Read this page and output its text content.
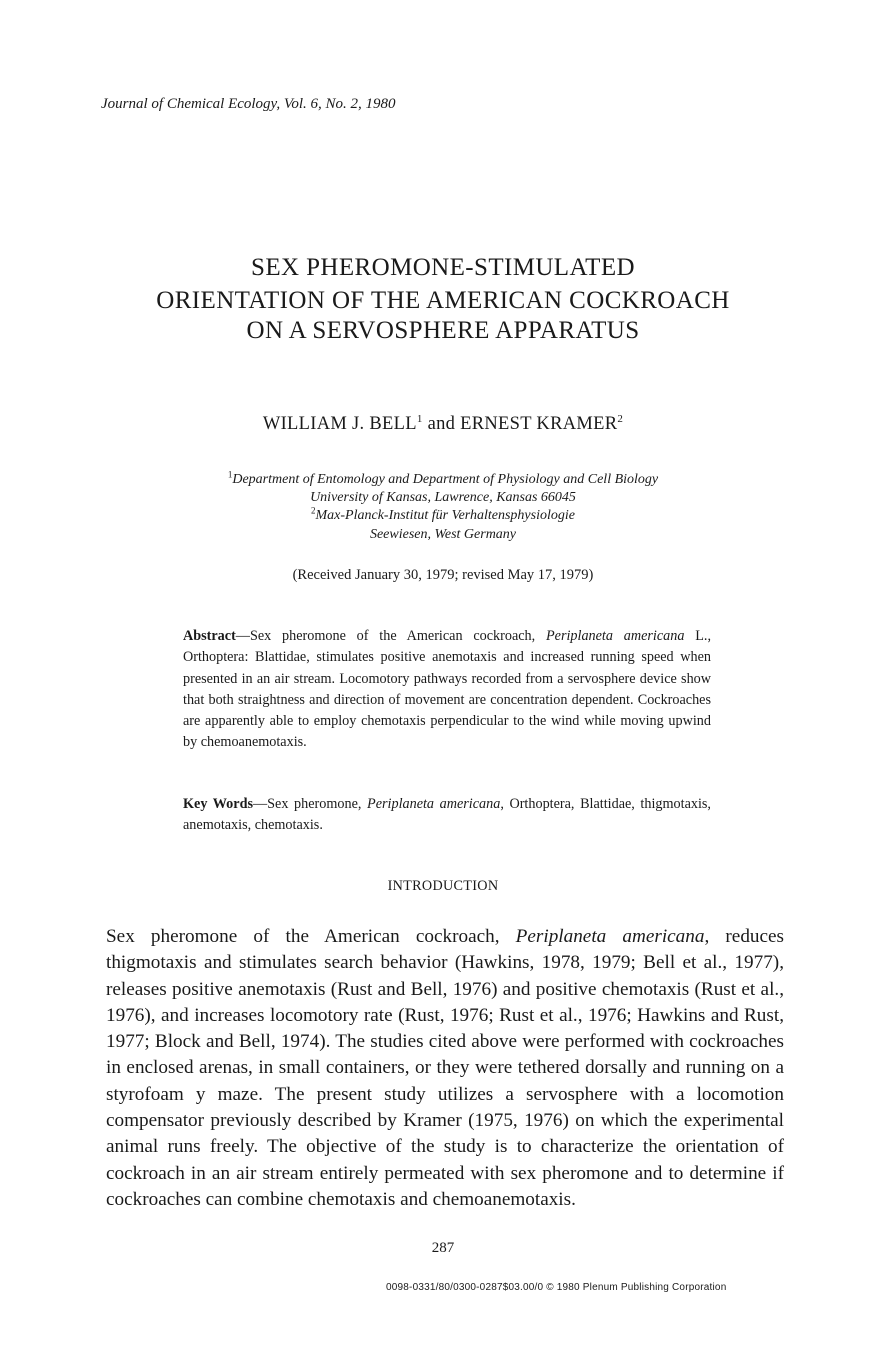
Journal of Chemical Ecology, Vol. 6, No. 2, 1980
SEX PHEROMONE-STIMULATED
ORIENTATION OF THE AMERICAN COCKROACH
ON A SERVOSPHERE APPARATUS
WILLIAM J. BELL$^1$ and ERNEST KRAMER$^2$
$^1$Department of Entomology and Department of Physiology and Cell Biology
University of Kansas, Lawrence, Kansas 66045
$^2$Max-Planck-Institut für Verhaltensphysiologie
Seewiesen, West Germany
(Received January 30, 1979; revised May 17, 1979)
Abstract—Sex pheromone of the American cockroach, Periplaneta americana L., Orthoptera: Blattidae, stimulates positive anemotaxis and increased running speed when presented in an air stream. Locomotory pathways recorded from a servosphere device show that both straightness and direction of movement are concentration dependent. Cockroaches are apparently able to employ chemotaxis perpendicular to the wind while moving upwind by chemoanemotaxis.
Key Words—Sex pheromone, Periplaneta americana, Orthoptera, Blattidae, thigmotaxis, anemotaxis, chemotaxis.
INTRODUCTION
Sex pheromone of the American cockroach, Periplaneta americana, reduces thigmotaxis and stimulates search behavior (Hawkins, 1978, 1979; Bell et al., 1977), releases positive anemotaxis (Rust and Bell, 1976) and positive chemotaxis (Rust et al., 1976), and increases locomotory rate (Rust, 1976; Rust et al., 1976; Hawkins and Rust, 1977; Block and Bell, 1974). The studies cited above were performed with cockroaches in enclosed arenas, in small containers, or they were tethered dorsally and running on a styrofoam y maze. The present study utilizes a servosphere with a locomotion compensator previously described by Kramer (1975, 1976) on which the experimental animal runs freely. The objective of the study is to characterize the orientation of cockroach in an air stream entirely permeated with sex pheromone and to determine if cockroaches can combine chemotaxis and chemoanemotaxis.
287
0098-0331/80/0300-0287$03.00/0 © 1980 Plenum Publishing Corporation
